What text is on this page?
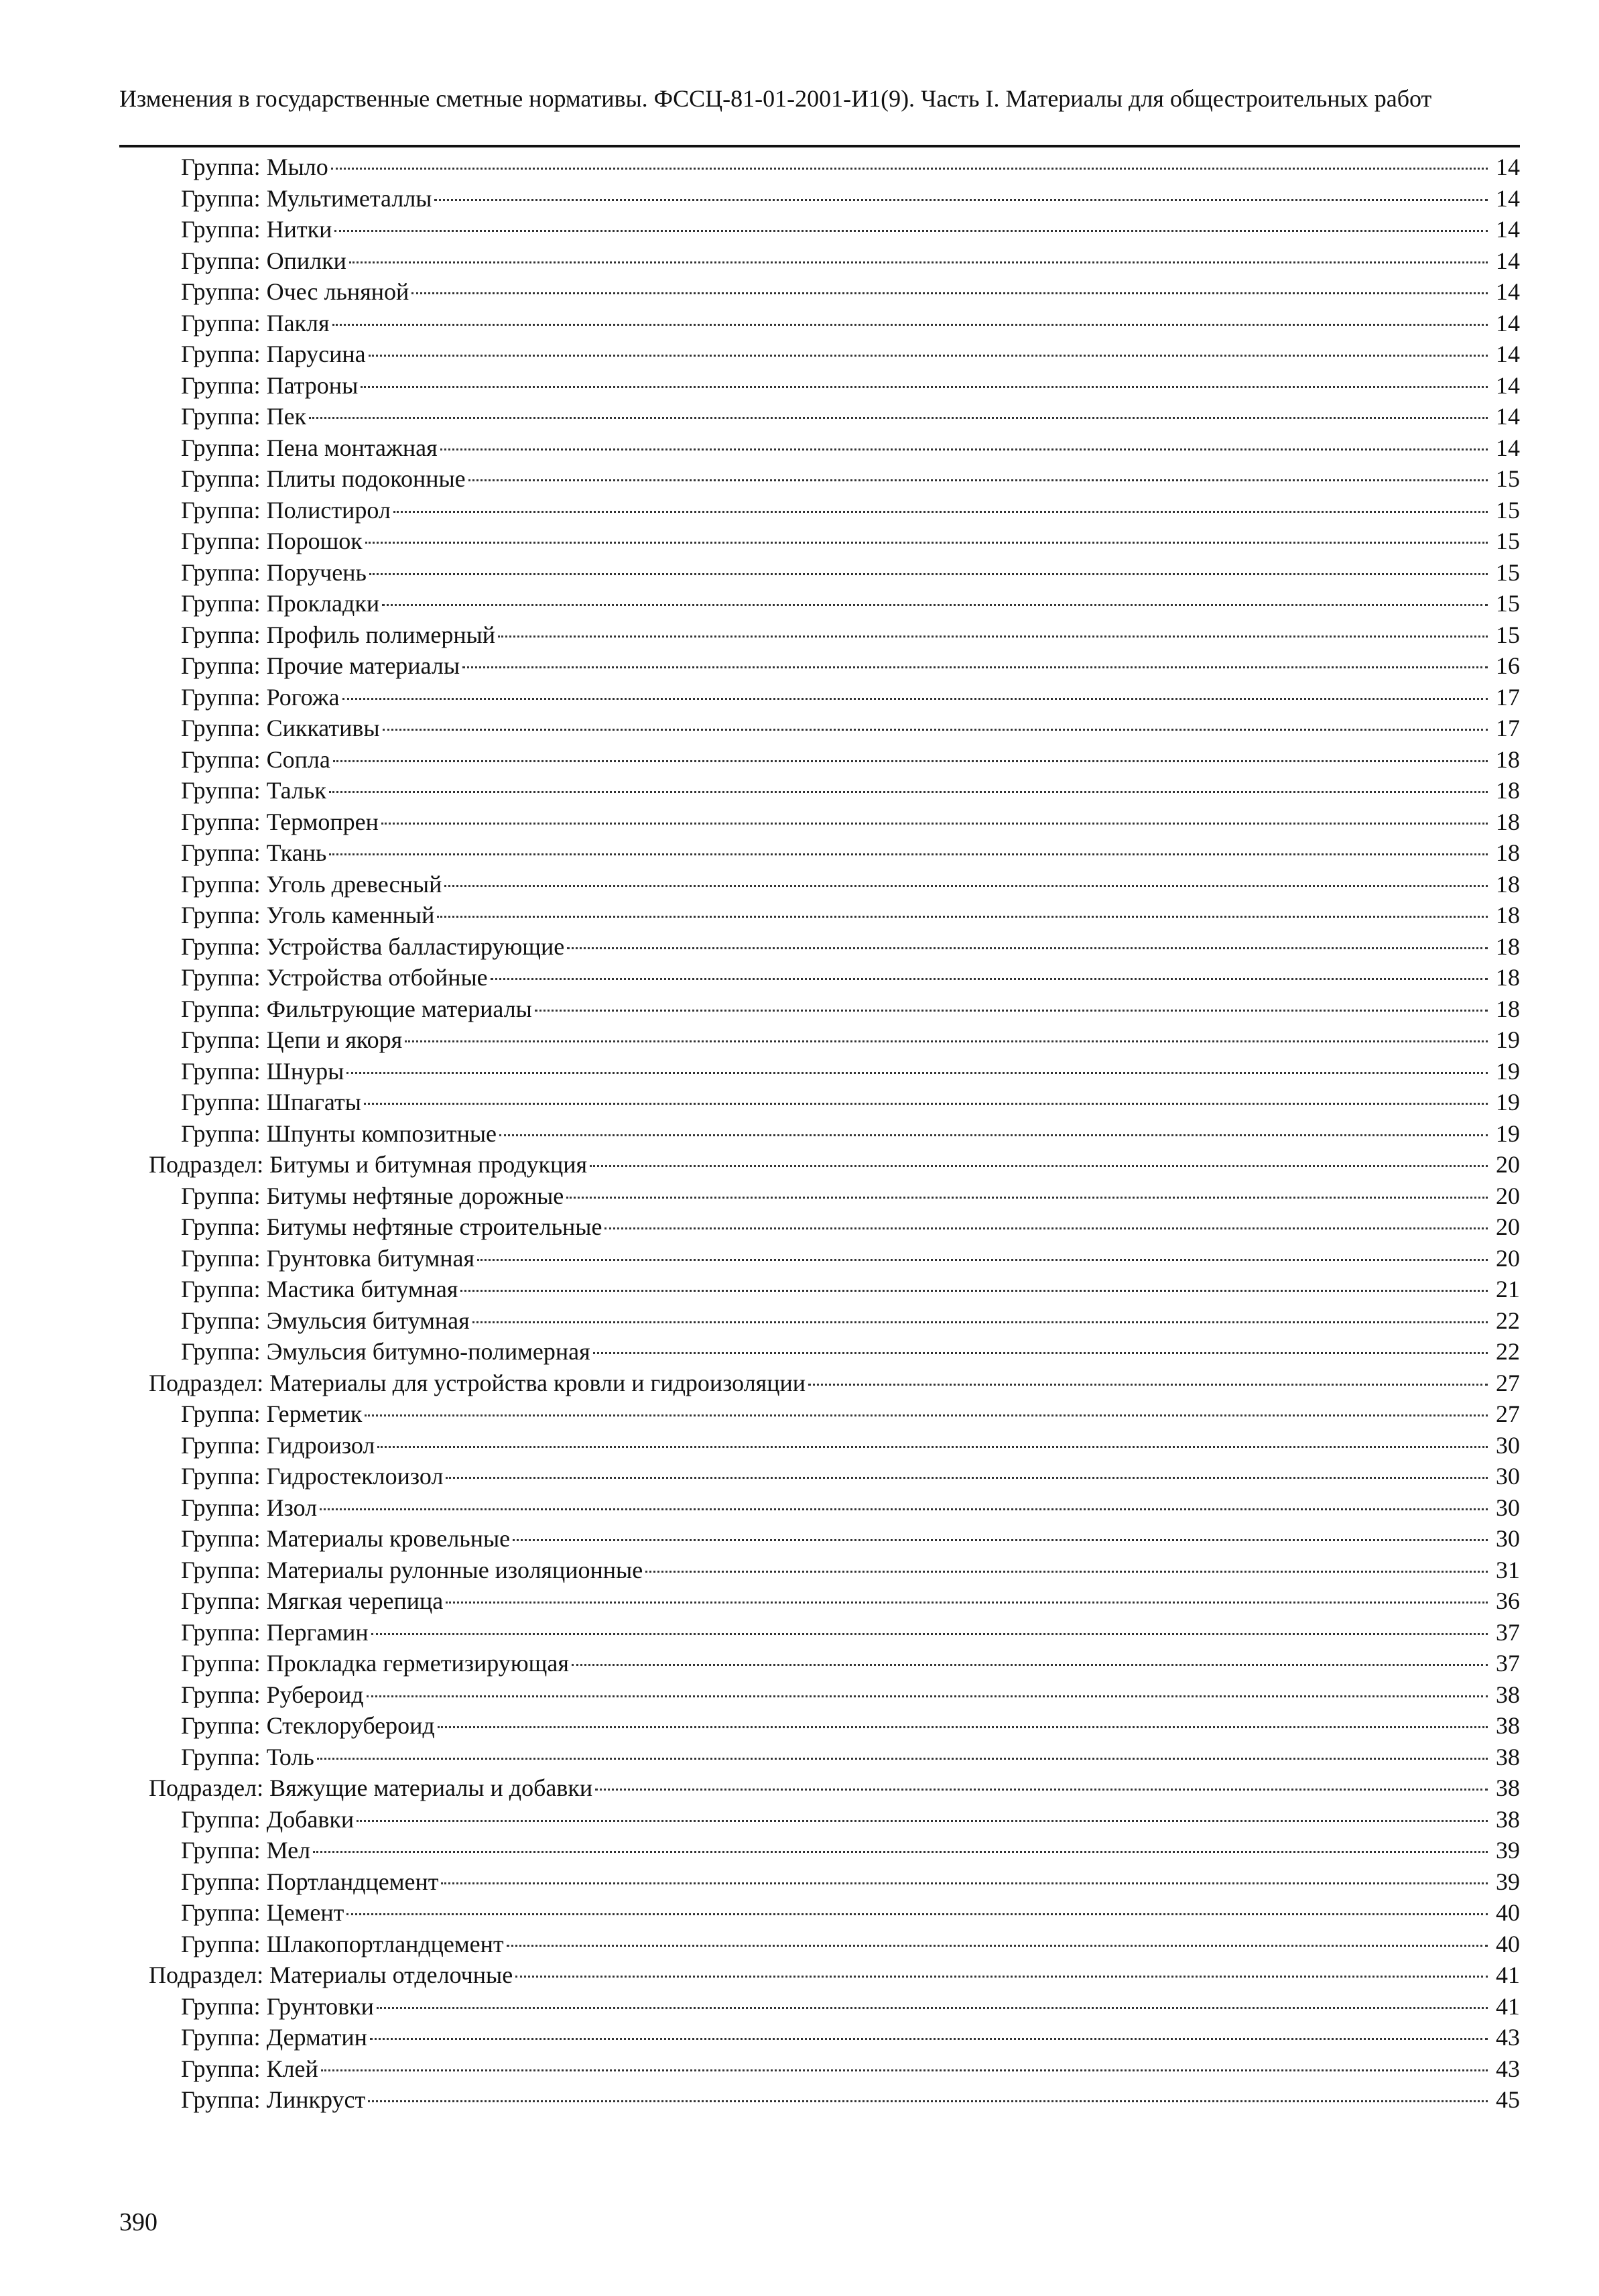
Изменения в государственные сметные нормативы. ФССЦ-81-01-2001-И1(9). Часть I. Материалы для общестроительных работ
Группа: Мыло	14
Группа: Мультиметаллы	14
Группа: Нитки	14
Группа: Опилки	14
Группа: Очес льняной	14
Группа: Пакля	14
Группа: Парусина	14
Группа: Патроны	14
Группа: Пек	14
Группа: Пена монтажная	14
Группа: Плиты подоконные	15
Группа: Полистирол	15
Группа: Порошок	15
Группа: Поручень	15
Группа: Прокладки	15
Группа: Профиль полимерный	15
Группа: Прочие материалы	16
Группа: Рогожа	17
Группа: Сиккативы	17
Группа: Сопла	18
Группа: Тальк	18
Группа: Термопрен	18
Группа: Ткань	18
Группа: Уголь древесный	18
Группа: Уголь каменный	18
Группа: Устройства балластирующие	18
Группа: Устройства отбойные	18
Группа: Фильтрующие материалы	18
Группа: Цепи и якоря	19
Группа: Шнуры	19
Группа: Шпагаты	19
Группа: Шпунты композитные	19
Подраздел: Битумы и битумная продукция	20
Группа: Битумы нефтяные дорожные	20
Группа: Битумы нефтяные строительные	20
Группа: Грунтовка битумная	20
Группа: Мастика битумная	21
Группа: Эмульсия битумная	22
Группа: Эмульсия битумно-полимерная	22
Подраздел: Материалы для устройства кровли и гидроизоляции	27
Группа: Герметик	27
Группа: Гидроизол	30
Группа: Гидростеклоизол	30
Группа: Изол	30
Группа: Материалы кровельные	30
Группа: Материалы рулонные изоляционные	31
Группа: Мягкая черепица	36
Группа: Пергамин	37
Группа: Прокладка герметизирующая	37
Группа: Рубероид	38
Группа: Стеклорубероид	38
Группа: Толь	38
Подраздел: Вяжущие материалы и добавки	38
Группа: Добавки	38
Группа: Мел	39
Группа: Портландцемент	39
Группа: Цемент	40
Группа: Шлакопортландцемент	40
Подраздел: Материалы отделочные	41
Группа: Грунтовки	41
Группа: Дерматин	43
Группа: Клей	43
Группа: Линкруст	45
390
